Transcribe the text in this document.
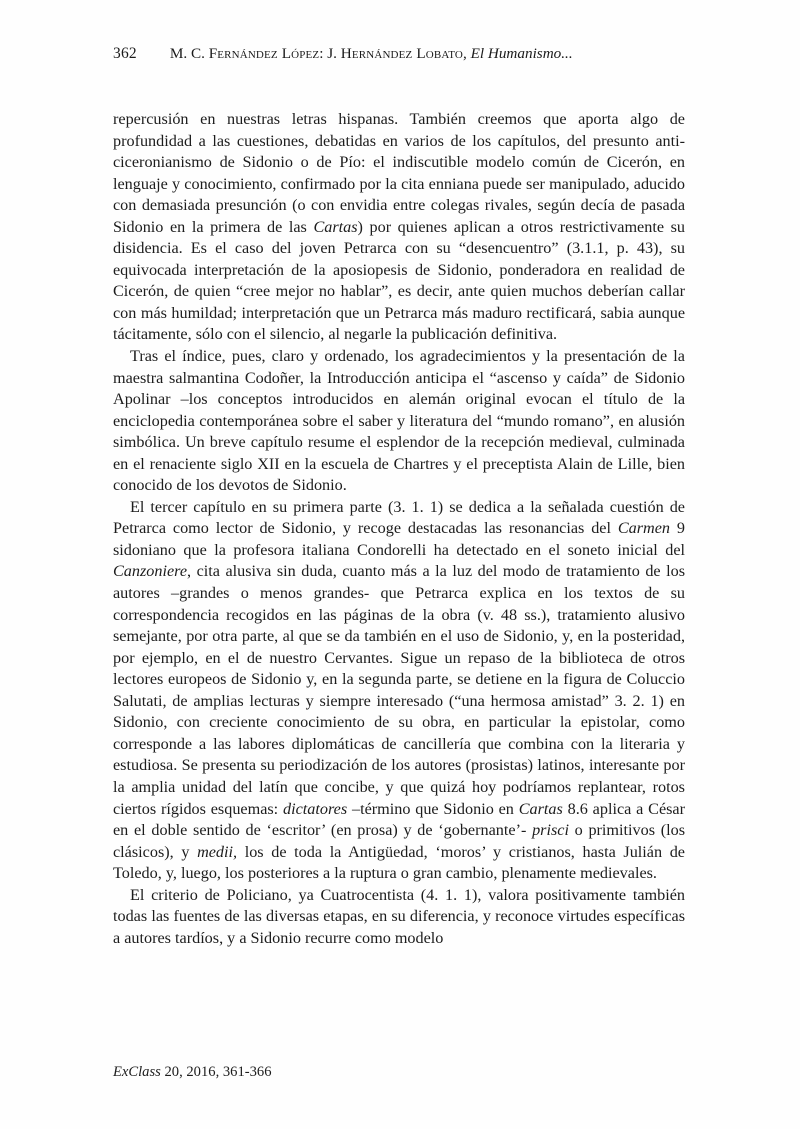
362 M. C. Fernández López: J. Hernández Lobato, El Humanismo...

repercusión en nuestras letras hispanas. También creemos que aporta algo de profundidad a las cuestiones, debatidas en varios de los capítulos, del presunto anti-ciceronianismo de Sidonio o de Pío: el indiscutible modelo común de Cicerón, en lenguaje y conocimiento, confirmado por la cita enniana puede ser manipulado, aducido con demasiada presunción (o con envidia entre colegas rivales, según decía de pasada Sidonio en la primera de las Cartas) por quienes aplican a otros restrictivamente su disidencia. Es el caso del joven Petrarca con su “desencuentro” (3.1.1, p. 43), su equivocada interpretación de la aposiopesis de Sidonio, ponderadora en realidad de Cicerón, de quien “cree mejor no hablar”, es decir, ante quien muchos deberían callar con más humildad; interpretación que un Petrarca más maduro rectificará, sabia aunque tácitamente, sólo con el silencio, al negarle la publicación definitiva.

Tras el índice, pues, claro y ordenado, los agradecimientos y la presentación de la maestra salmantina Codoñer, la Introducción anticipa el “ascenso y caída” de Sidonio Apolinar –los conceptos introducidos en alemán original evocan el título de la enciclopedia contemporánea sobre el saber y literatura del “mundo romano”, en alusión simbólica. Un breve capítulo resume el esplendor de la recepción medieval, culminada en el renaciente siglo XII en la escuela de Chartres y el preceptista Alain de Lille, bien conocido de los devotos de Sidonio.

El tercer capítulo en su primera parte (3. 1. 1) se dedica a la señalada cuestión de Petrarca como lector de Sidonio, y recoge destacadas las resonancias del Carmen 9 sidoniano que la profesora italiana Condorelli ha detectado en el soneto inicial del Canzoniere, cita alusiva sin duda, cuanto más a la luz del modo de tratamiento de los autores –grandes o menos grandes- que Petrarca explica en los textos de su correspondencia recogidos en las páginas de la obra (v. 48 ss.), tratamiento alusivo semejante, por otra parte, al que se da también en el uso de Sidonio, y, en la posteridad, por ejemplo, en el de nuestro Cervantes. Sigue un repaso de la biblioteca de otros lectores europeos de Sidonio y, en la segunda parte, se detiene en la figura de Coluccio Salutati, de amplias lecturas y siempre interesado (“una hermosa amistad” 3. 2. 1) en Sidonio, con creciente conocimiento de su obra, en particular la epistolar, como corresponde a las labores diplomáticas de cancillería que combina con la literaria y estudiosa. Se presenta su periodización de los autores (prosistas) latinos, interesante por la amplia unidad del latín que concibe, y que quizá hoy podríamos replantear, rotos ciertos rígidos esquemas: dictatores –término que Sidonio en Cartas 8.6 aplica a César en el doble sentido de ‘escritor’ (en prosa) y de ‘gobernante’- prisci o primitivos (los clásicos), y medii, los de toda la Antigüedad, ‘moros’ y cristianos, hasta Julián de Toledo, y, luego, los posteriores a la ruptura o gran cambio, plenamente medievales.

El criterio de Policiano, ya Cuatrocentista (4. 1. 1), valora positivamente también todas las fuentes de las diversas etapas, en su diferencia, y reconoce virtudes específicas a autores tardíos, y a Sidonio recurre como modelo

ExClass 20, 2016, 361-366
